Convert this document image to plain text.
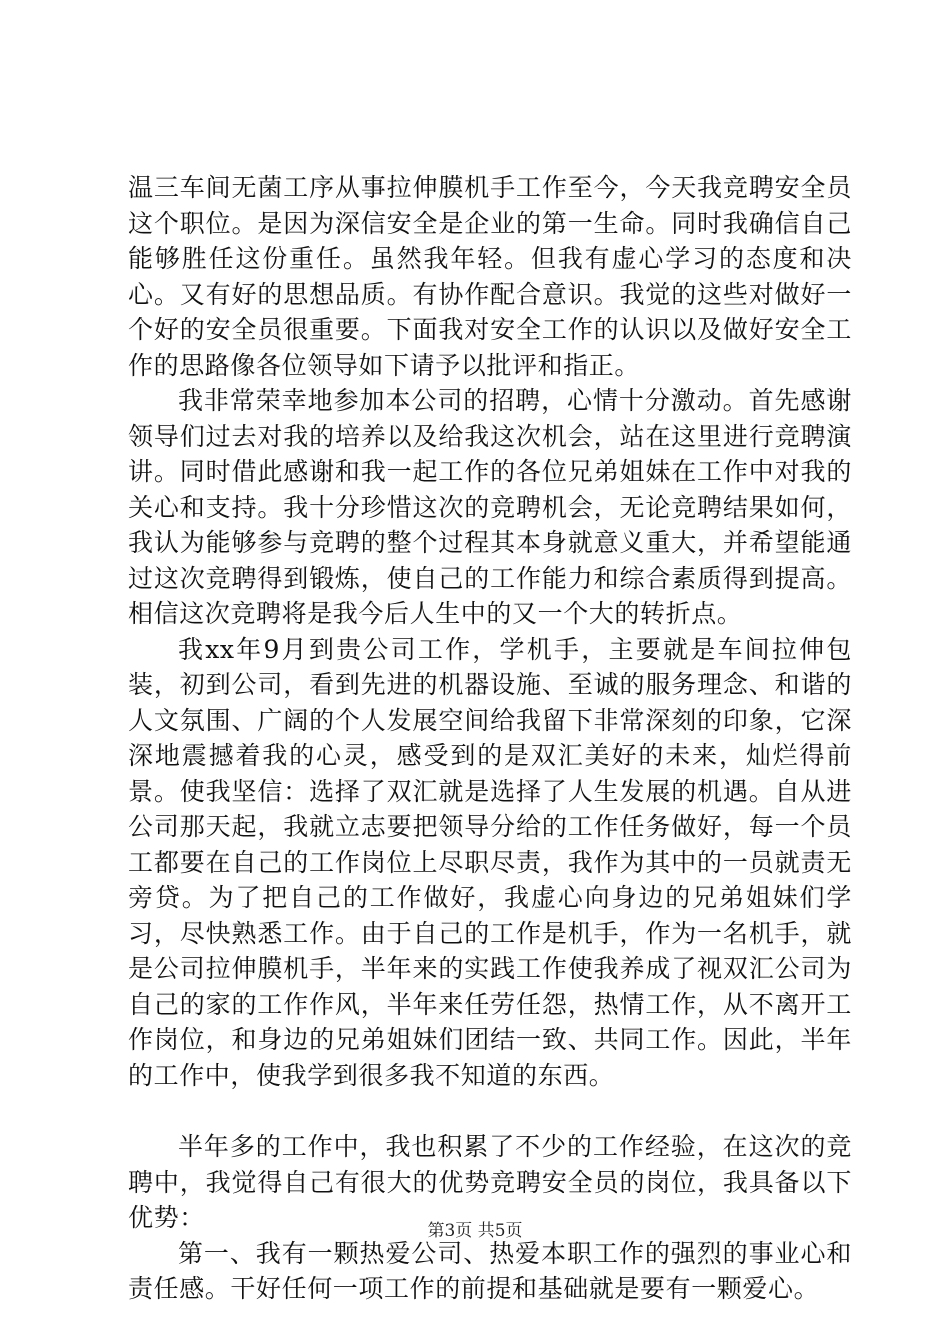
温三车间无菌工序从事拉伸膜机手工作至今，今天我竞聘安全员这个职位。是因为深信安全是企业的第一生命。同时我确信自己能够胜任这份重任。虽然我年轻。但我有虚心学习的态度和决心。又有好的思想品质。有协作配合意识。我觉的这些对做好一个好的安全员很重要。下面我对安全工作的认识以及做好安全工作的思路像各位领导如下请予以批评和指正。

我非常荣幸地参加本公司的招聘，心情十分激动。首先感谢领导们过去对我的培养以及给我这次机会，站在这里进行竞聘演讲。同时借此感谢和我一起工作的各位兄弟姐妹在工作中对我的关心和支持。我十分珍惜这次的竞聘机会，无论竞聘结果如何，我认为能够参与竞聘的整个过程其本身就意义重大，并希望能通过这次竞聘得到锻炼，使自己的工作能力和综合素质得到提高。相信这次竞聘将是我今后人生中的又一个大的转折点。

我xx年9月到贵公司工作，学机手，主要就是车间拉伸包装，初到公司，看到先进的机器设施、至诚的服务理念、和谐的人文氛围、广阔的个人发展空间给我留下非常深刻的印象，它深深地震撼着我的心灵，感受到的是双汇美好的未来，灿烂得前景。使我坚信：选择了双汇就是选择了人生发展的机遇。自从进公司那天起，我就立志要把领导分给的工作任务做好，每一个员工都要在自己的工作岗位上尽职尽责，我作为其中的一员就责无旁贷。为了把自己的工作做好，我虚心向身边的兄弟姐妹们学习，尽快熟悉工作。由于自己的工作是机手，作为一名机手，就是公司拉伸膜机手，半年来的实践工作使我养成了视双汇公司为自己的家的工作作风，半年来任劳任怨，热情工作，从不离开工作岗位，和身边的兄弟姐妹们团结一致、共同工作。因此，半年的工作中，使我学到很多我不知道的东西。

半年多的工作中，我也积累了不少的工作经验，在这次的竞聘中，我觉得自己有很大的优势竞聘安全员的岗位，我具备以下优势：

第一、我有一颗热爱公司、热爱本职工作的强烈的事业心和责任感。干好任何一项工作的前提和基础就是要有一颗爱心。

第3页 共5页
